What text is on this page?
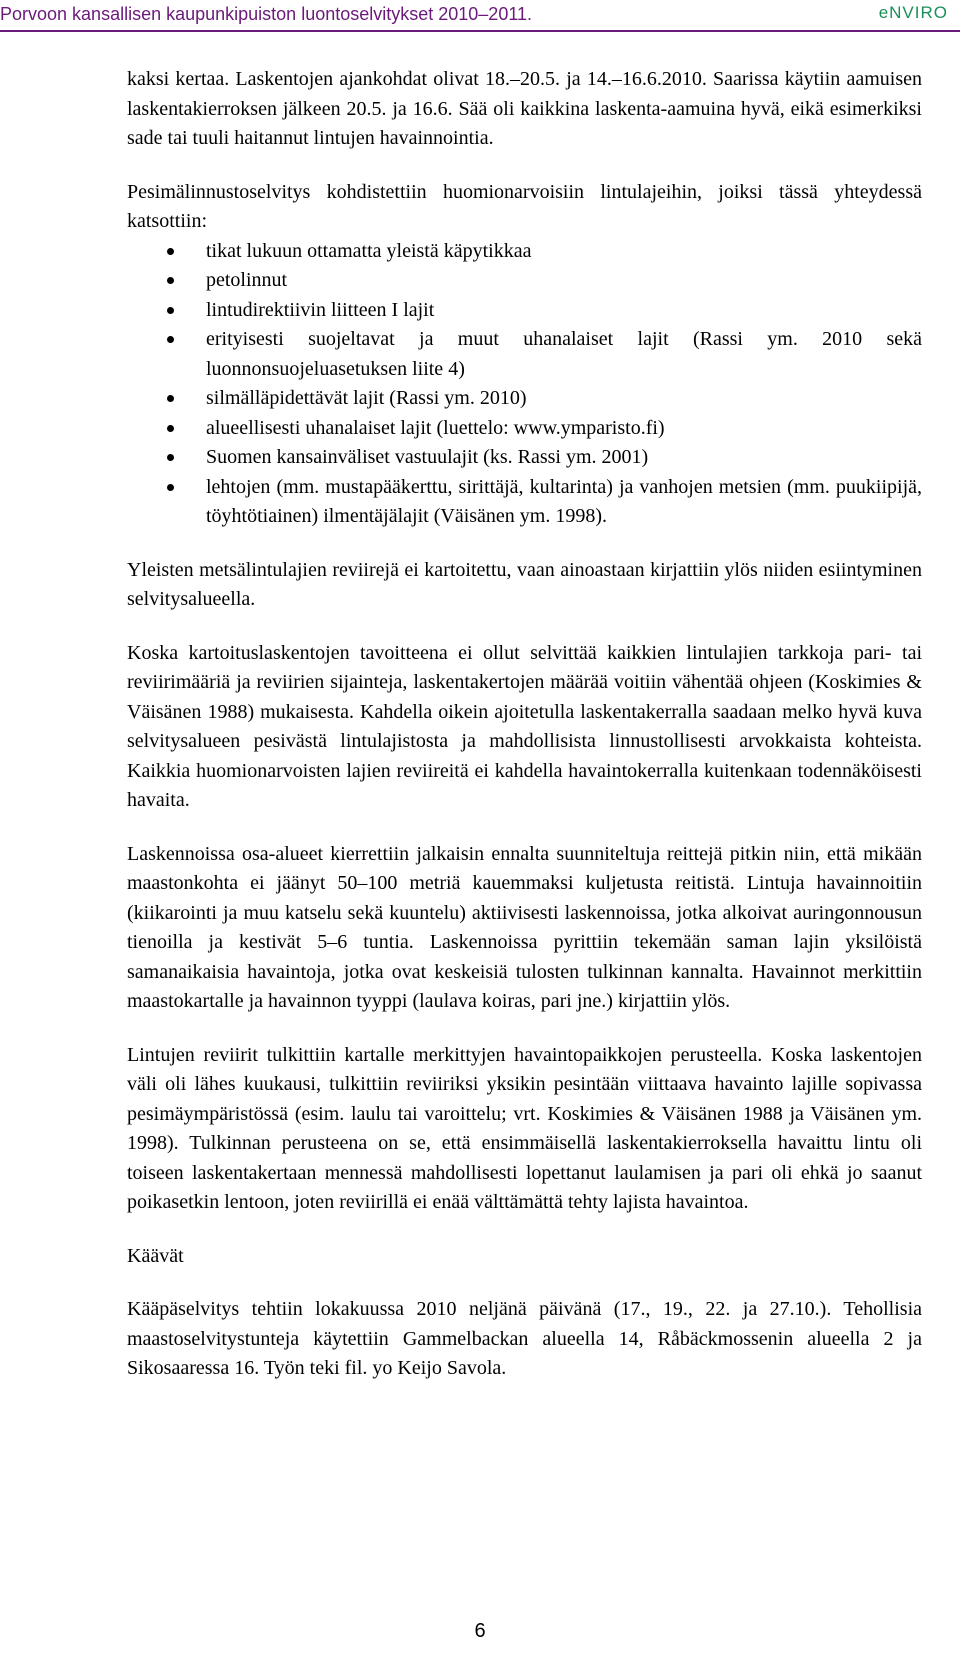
Porvoon kansallisen kaupunkipuiston luontoselvitykset 2010–2011.	eNVIRO

kaksi kertaa. Laskentojen ajankohdat olivat 18.–20.5. ja 14.–16.6.2010. Saarissa käytiin aamuisen laskentakierroksen jälkeen 20.5. ja 16.6. Sää oli kaikkina laskenta-aamuina hyvä, eikä esimerkiksi sade tai tuuli haitannut lintujen havainnointia.

Pesimälinnustoselvitys kohdistettiin huomionarvoisiin lintulajeihin, joiksi tässä yhteydessä katsottiin:

tikat lukuun ottamatta yleistä käpytikkaa
petolinnut
lintudirektiivin liitteen I lajit
erityisesti suojeltavat ja muut uhanalaiset lajit (Rassi ym. 2010 sekä luonnonsuojeluasetuksen liite 4)
silmälläpidettävät lajit (Rassi ym. 2010)
alueellisesti uhanalaiset lajit (luettelo: www.ymparisto.fi)
Suomen kansainväliset vastuulajit (ks. Rassi ym. 2001)
lehtojen (mm. mustapääkerttu, sirittäjä, kultarinta) ja vanhojen metsien (mm. puukiipijä, töyhtötiainen) ilmentäjälajit (Väisänen ym. 1998).

Yleisten metsälintulajien reviirejä ei kartoitettu, vaan ainoastaan kirjattiin ylös niiden esiintyminen selvitysalueella.

Koska kartoituslaskentojen tavoitteena ei ollut selvittää kaikkien lintulajien tarkkoja pari- tai reviirimääriä ja reviirien sijainteja, laskentakertojen määrää voitiin vähentää ohjeen (Koskimies & Väisänen 1988) mukaisesta. Kahdella oikein ajoitetulla laskentakerralla saadaan melko hyvä kuva selvitysalueen pesivästä lintulajistosta ja mahdollisista linnustollisesti arvokkaista kohteista. Kaikkia huomionarvoisten lajien reviireitä ei kahdella havaintokerralla kuitenkaan todennäköisesti havaita.

Laskennoissa osa-alueet kierrettiin jalkaisin ennalta suunniteltuja reittejä pitkin niin, että mikään maastonkohta ei jäänyt 50–100 metriä kauemmaksi kuljetusta reitistä. Lintuja havainnoitiin (kiikarointi ja muu katselu sekä kuuntelu) aktiivisesti laskennoissa, jotka alkoivat auringonnousun tienoilla ja kestivät 5–6 tuntia. Laskennoissa pyrittiin tekemään saman lajin yksilöistä samanaikaisia havaintoja, jotka ovat keskeisiä tulosten tulkinnan kannalta. Havainnot merkittiin maastokartalle ja havainnon tyyppi (laulava koiras, pari jne.) kirjattiin ylös.

Lintujen reviirit tulkittiin kartalle merkittyjen havaintopaikkojen perusteella. Koska laskentojen väli oli lähes kuukausi, tulkittiin reviiriksi yksikin pesintään viittaava havainto lajille sopivassa pesimäympäristössä (esim. laulu tai varoittelu; vrt. Koskimies & Väisänen 1988 ja Väisänen ym. 1998). Tulkinnan perusteena on se, että ensimmäisellä laskentakierroksella havaittu lintu oli toiseen laskentakertaan mennessä mahdollisesti lopettanut laulamisen ja pari oli ehkä jo saanut poikasetkin lentoon, joten reviirillä ei enää välttämättä tehty lajista havaintoa.

Käävät

Kääpäselvitys tehtiin lokakuussa 2010 neljänä päivänä (17., 19., 22. ja 27.10.). Tehollisia maastoselvitystunteja käytettiin Gammelbackan alueella 14, Råbäckmossenin alueella 2 ja Sikosaaressa 16. Työn teki fil. yo Keijo Savola.

6
